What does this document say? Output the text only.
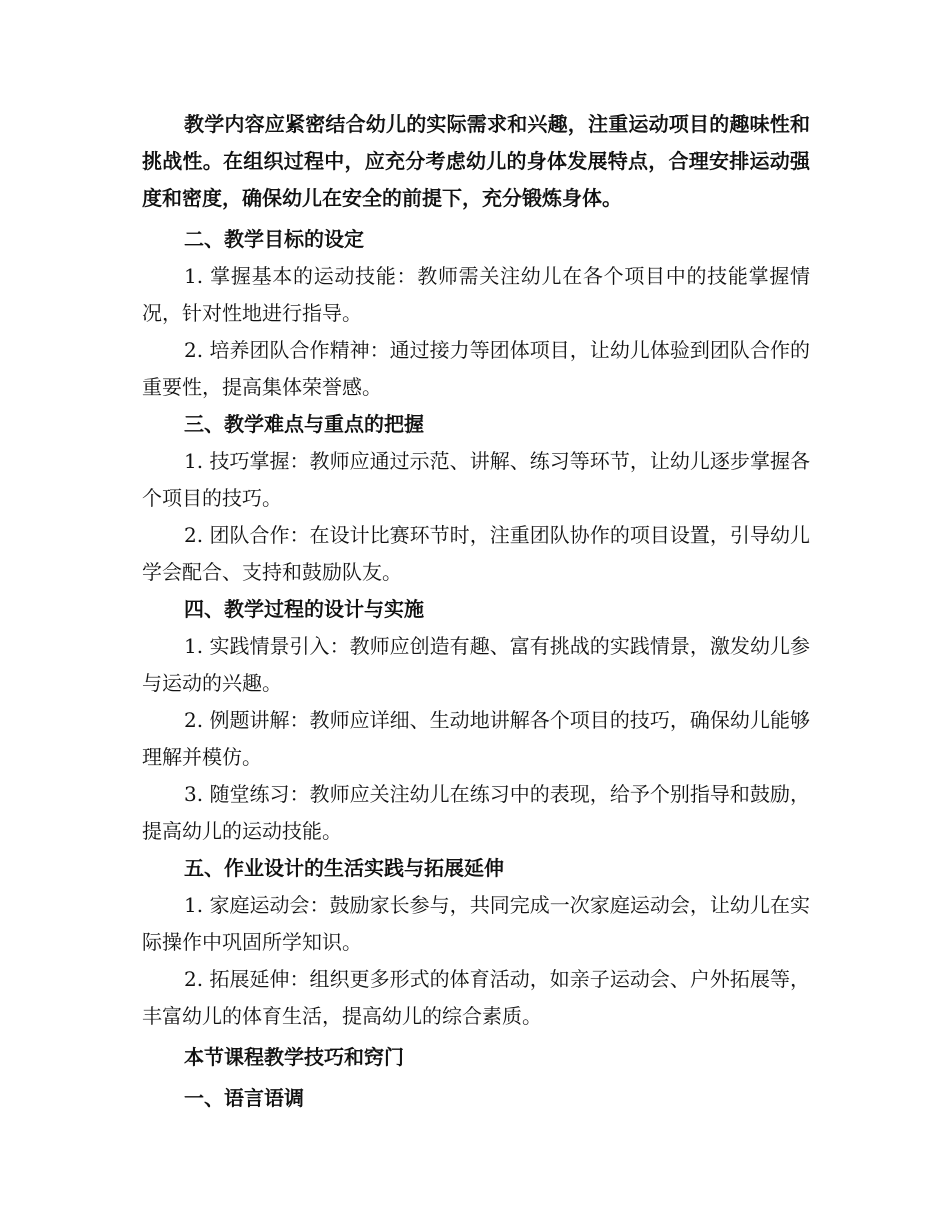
教学内容应紧密结合幼儿的实际需求和兴趣，注重运动项目的趣味性和挑战性。在组织过程中，应充分考虑幼儿的身体发展特点，合理安排运动强度和密度，确保幼儿在安全的前提下，充分锻炼身体。

二、教学目标的设定

1. 掌握基本的运动技能：教师需关注幼儿在各个项目中的技能掌握情况，针对性地进行指导。

2. 培养团队合作精神：通过接力等团体项目，让幼儿体验到团队合作的重要性，提高集体荣誉感。

三、教学难点与重点的把握

1. 技巧掌握：教师应通过示范、讲解、练习等环节，让幼儿逐步掌握各个项目的技巧。

2. 团队合作：在设计比赛环节时，注重团队协作的项目设置，引导幼儿学会配合、支持和鼓励队友。

四、教学过程的设计与实施

1. 实践情景引入：教师应创造有趣、富有挑战的实践情景，激发幼儿参与运动的兴趣。

2. 例题讲解：教师应详细、生动地讲解各个项目的技巧，确保幼儿能够理解并模仿。

3. 随堂练习：教师应关注幼儿在练习中的表现，给予个别指导和鼓励，提高幼儿的运动技能。

五、作业设计的生活实践与拓展延伸

1. 家庭运动会：鼓励家长参与，共同完成一次家庭运动会，让幼儿在实际操作中巩固所学知识。

2. 拓展延伸：组织更多形式的体育活动，如亲子运动会、户外拓展等，丰富幼儿的体育生活，提高幼儿的综合素质。

本节课程教学技巧和窍门

一、语言语调
